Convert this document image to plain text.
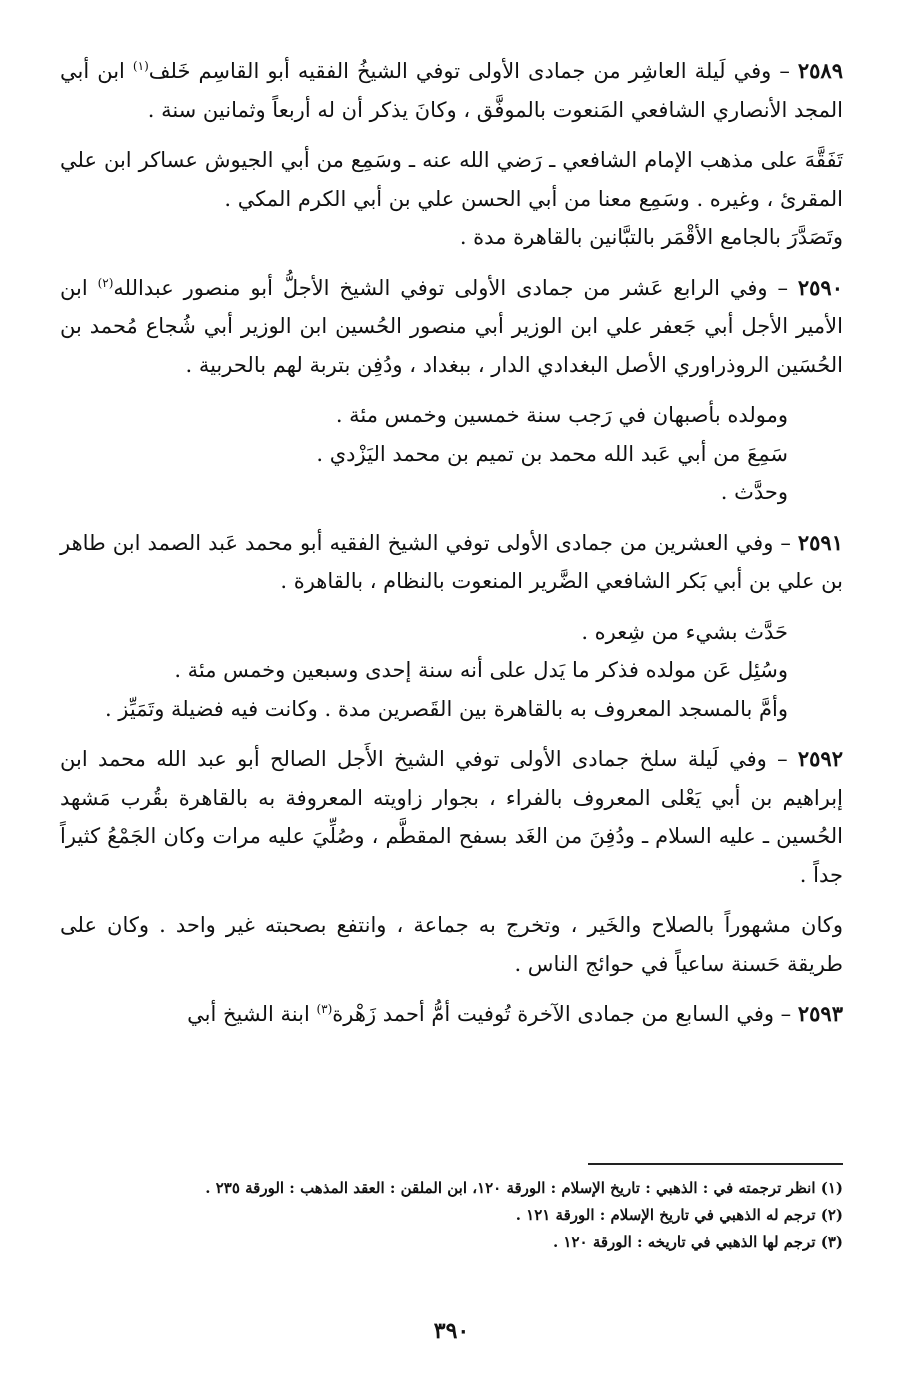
٢٥٨٩ – وفي لَيلة العاشِر من جمادى الأولى توفي الشيخُ الفقيه أبو القاسِم خَلف$^{(١)}$ ابن أبي المجد الأنصاري الشافعي المَنعوت بالموفَّق ، وكانَ يذكر أن له أربعاً وثمانين سنة .

تَفَقَّهَ على مذهب الإمام الشافعي ـ رَضي الله عنه ـ وسَمِع من أبي الجيوش عساكر ابن علي المقرئ ، وغيره . وسَمِع معنا من أبي الحسن علي بن أبي الكرم المكي .

وتَصَدَّرَ بالجامع الأقْمَر بالتبَّانين بالقاهرة مدة .

٢٥٩٠ – وفي الرابع عَشر من جمادى الأولى توفي الشيخ الأجلُّ أبو منصور عبدالله$^{(٢)}$ ابن الأمير الأجل أبي جَعفر علي ابن الوزير أبي منصور الحُسين ابن الوزير أبي شُجاع مُحمد بن الحُسَين الروذراوري الأصل البغدادي الدار ، ببغداد ، ودُفِن بتربة لهم بالحربية .

ومولده بأصبهان في رَجب سنة خمسين وخمس مئة .

سَمِعَ من أبي عَبد الله محمد بن تميم بن محمد اليَزْدي .

وحدَّث .

٢٥٩١ – وفي العشرين من جمادى الأولى توفي الشيخ الفقيه أبو محمد عَبد الصمد ابن طاهر بن علي بن أبي بَكر الشافعي الضَّرير المنعوت بالنظام ، بالقاهرة .

حَدَّث بشيء من شِعره .

وسُئِل عَن مولده فذكر ما يَدل على أنه سنة إحدى وسبعين وخمس مئة .

وأمَّ بالمسجد المعروف به بالقاهرة بين القَصرين مدة . وكانت فيه فضيلة وتَمَيِّز .

٢٥٩٢ – وفي لَيلة سلخ جمادى الأولى توفي الشيخ الأَجل الصالح أبو عبد الله محمد ابن إبراهيم بن أبي يَعْلى المعروف بالفراء ، بجوار زاويته المعروفة به بالقاهرة بقُرب مَشهد الحُسين ـ عليه السلام ـ ودُفِنَ من الغَد بسفح المقطَّم ، وصُلِّيَ عليه مرات وكان الجَمْعُ كثيراً جداً .

وكان مشهوراً بالصلاح والخَير ، وتخرج به جماعة ، وانتفع بصحبته غير واحد . وكان على طريقة حَسنة ساعياً في حوائج الناس .

٢٥٩٣ – وفي السابع من جمادى الآخرة تُوفيت أمُّ أحمد زَهْرة$^{(٣)}$ ابنة الشيخ أبي

(١) انظر ترجمته في : الذهبي : تاريخ الإسلام : الورقة ١٢٠، ابن الملقن : العقد المذهب : الورقة ٢٣٥ .

(٢) ترجم له الذهبي في تاريخ الإسلام : الورقة ١٢١ .

(٣) ترجم لها الذهبي في تاريخه : الورقة ١٢٠ .

٣٩٠
